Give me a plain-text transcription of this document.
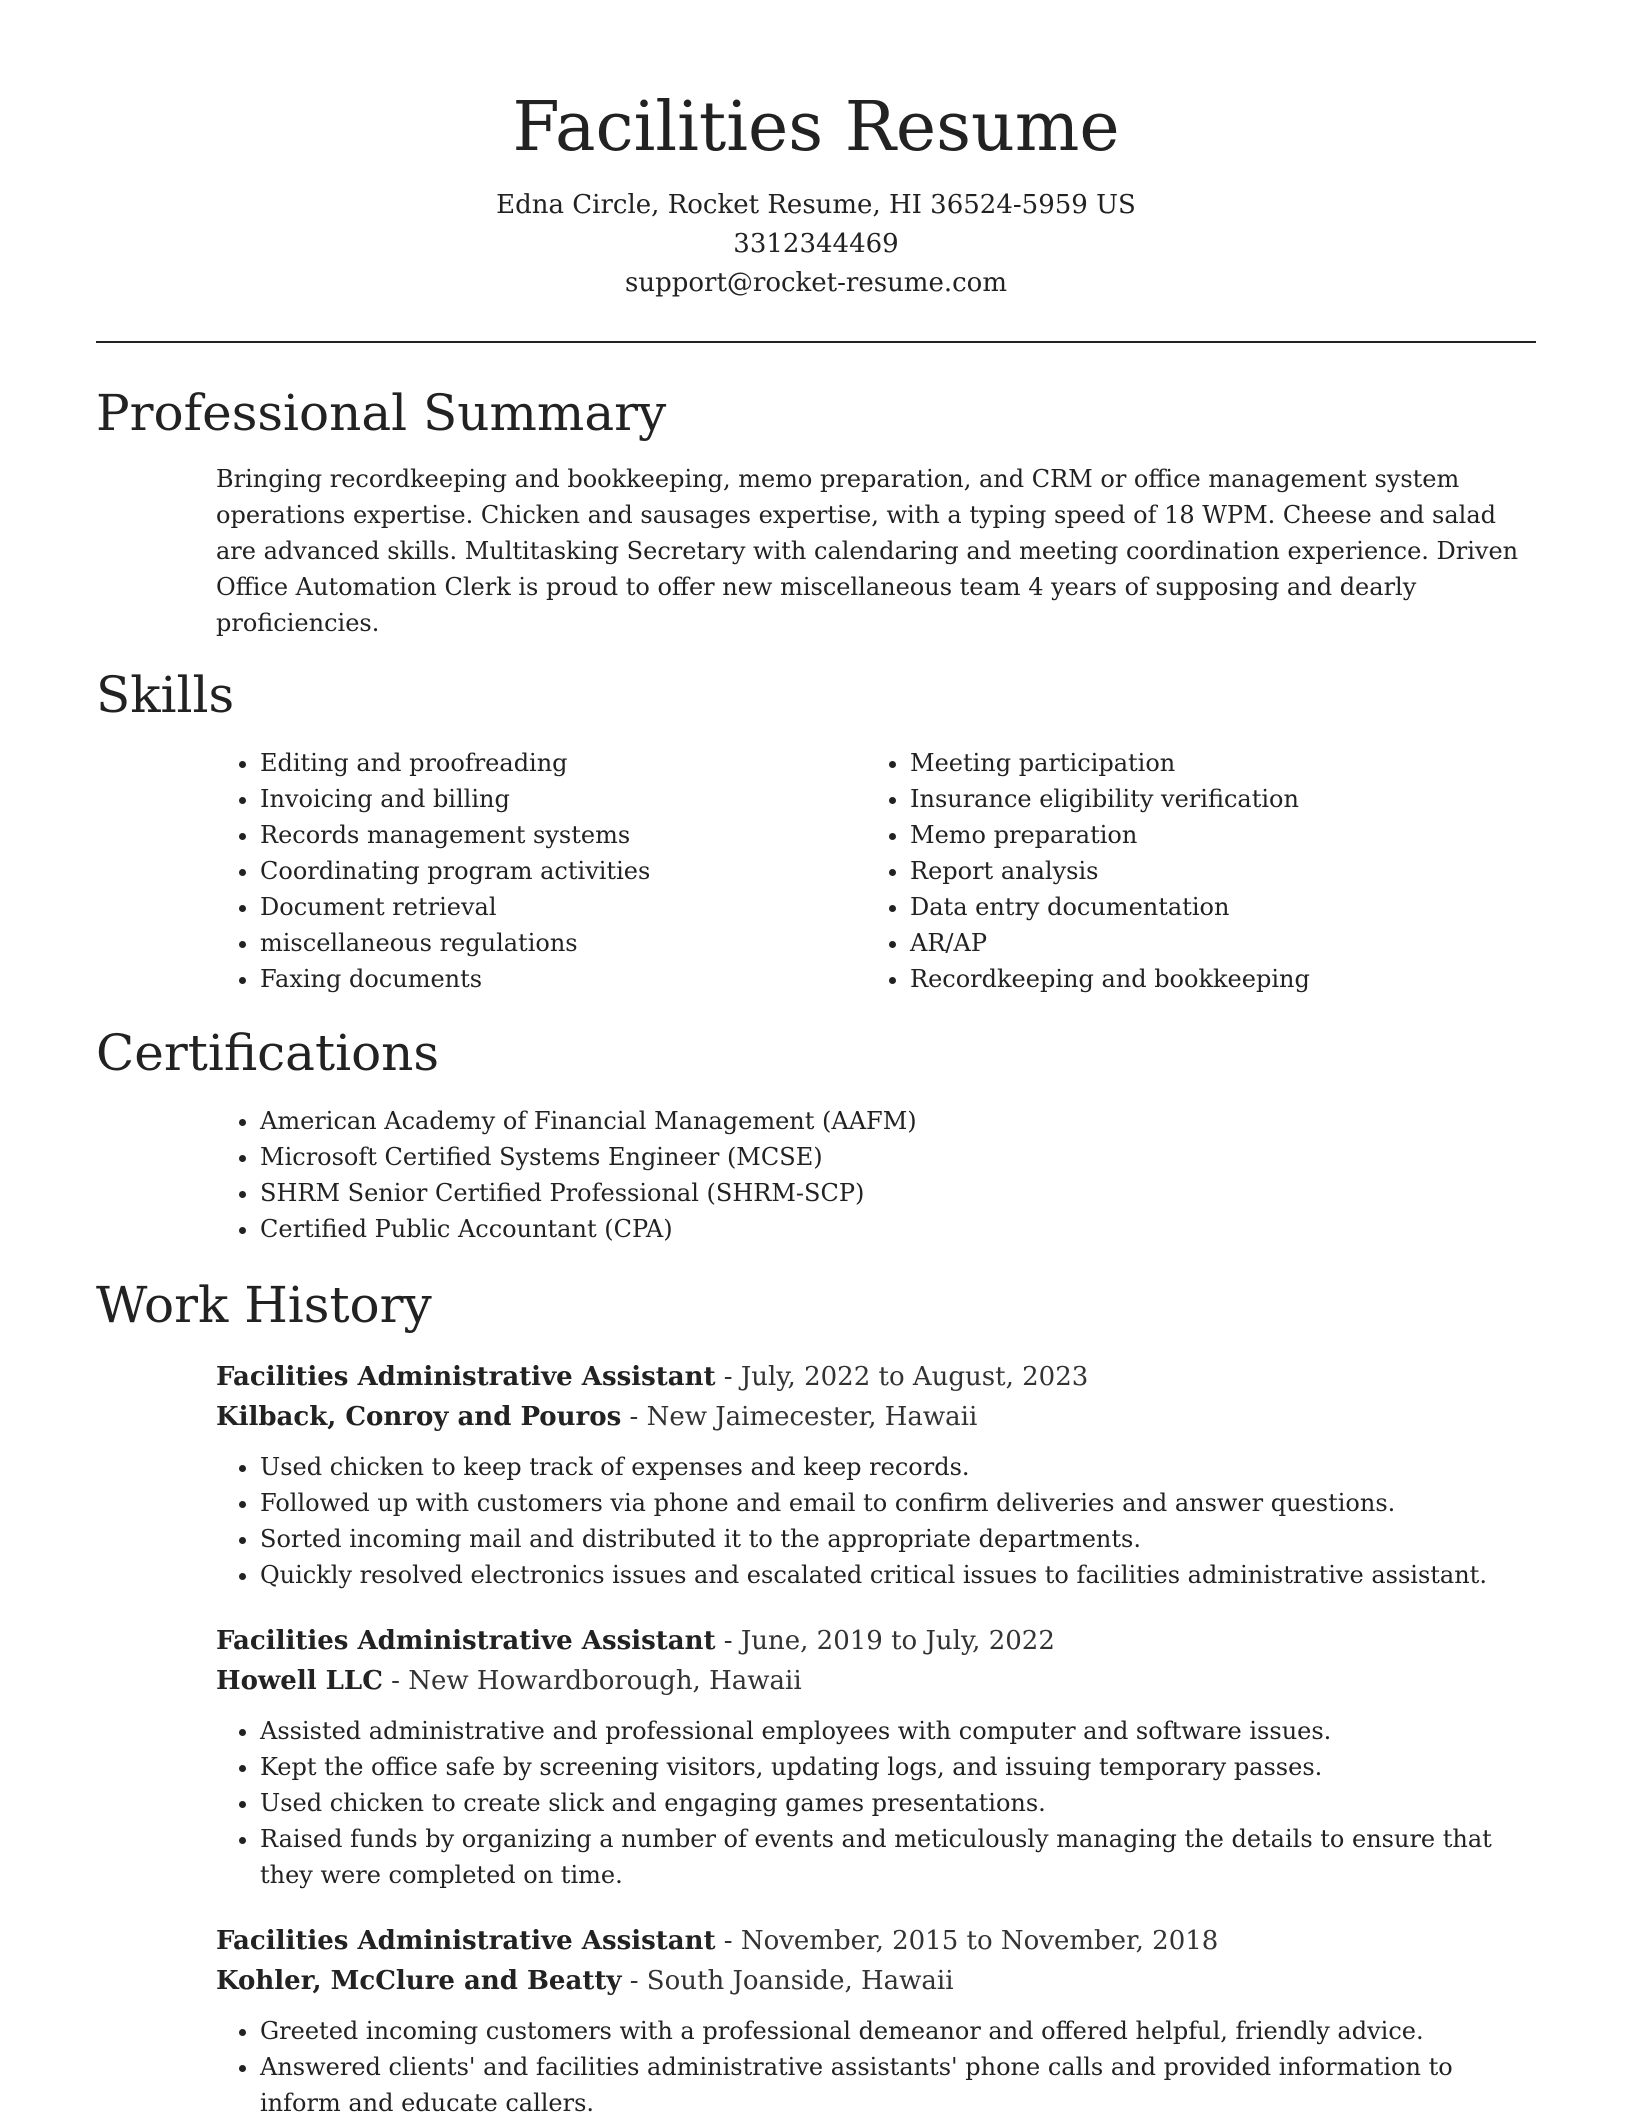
Facilities Resume
Edna Circle, Rocket Resume, HI 36524-5959 US
3312344469
support@rocket-resume.com
Professional Summary

Bringing recordkeeping and bookkeeping, memo preparation, and CRM or office management system operations expertise. Chicken and sausages expertise, with a typing speed of 18 WPM. Cheese and salad are advanced skills. Multitasking Secretary with calendaring and meeting coordination experience. Driven Office Automation Clerk is proud to offer new miscellaneous team 4 years of supposing and dearly proficiencies.

Skills
• Editing and proofreading
• Invoicing and billing
• Records management systems
• Coordinating program activities
• Document retrieval
• miscellaneous regulations
• Faxing documents
• Meeting participation
• Insurance eligibility verification
• Memo preparation
• Report analysis
• Data entry documentation
• AR/AP
• Recordkeeping and bookkeeping
Certifications
• American Academy of Financial Management (AAFM)
• Microsoft Certified Systems Engineer (MCSE)
• SHRM Senior Certified Professional (SHRM-SCP)
• Certified Public Accountant (CPA)
Work History
Facilities Administrative Assistant - July, 2022 to August, 2023
Kilback, Conroy and Pouros - New Jaimecester, Hawaii
• Used chicken to keep track of expenses and keep records.
• Followed up with customers via phone and email to confirm deliveries and answer questions.
• Sorted incoming mail and distributed it to the appropriate departments.
• Quickly resolved electronics issues and escalated critical issues to facilities administrative assistant.
Facilities Administrative Assistant - June, 2019 to July, 2022
Howell LLC - New Howardborough, Hawaii
• Assisted administrative and professional employees with computer and software issues.
• Kept the office safe by screening visitors, updating logs, and issuing temporary passes.
• Used chicken to create slick and engaging games presentations.
• Raised funds by organizing a number of events and meticulously managing the details to ensure that they were completed on time.
Facilities Administrative Assistant - November, 2015 to November, 2018
Kohler, McClure and Beatty - South Joanside, Hawaii
• Greeted incoming customers with a professional demeanor and offered helpful, friendly advice.
• Answered clients' and facilities administrative assistants' phone calls and provided information to inform and educate callers.
